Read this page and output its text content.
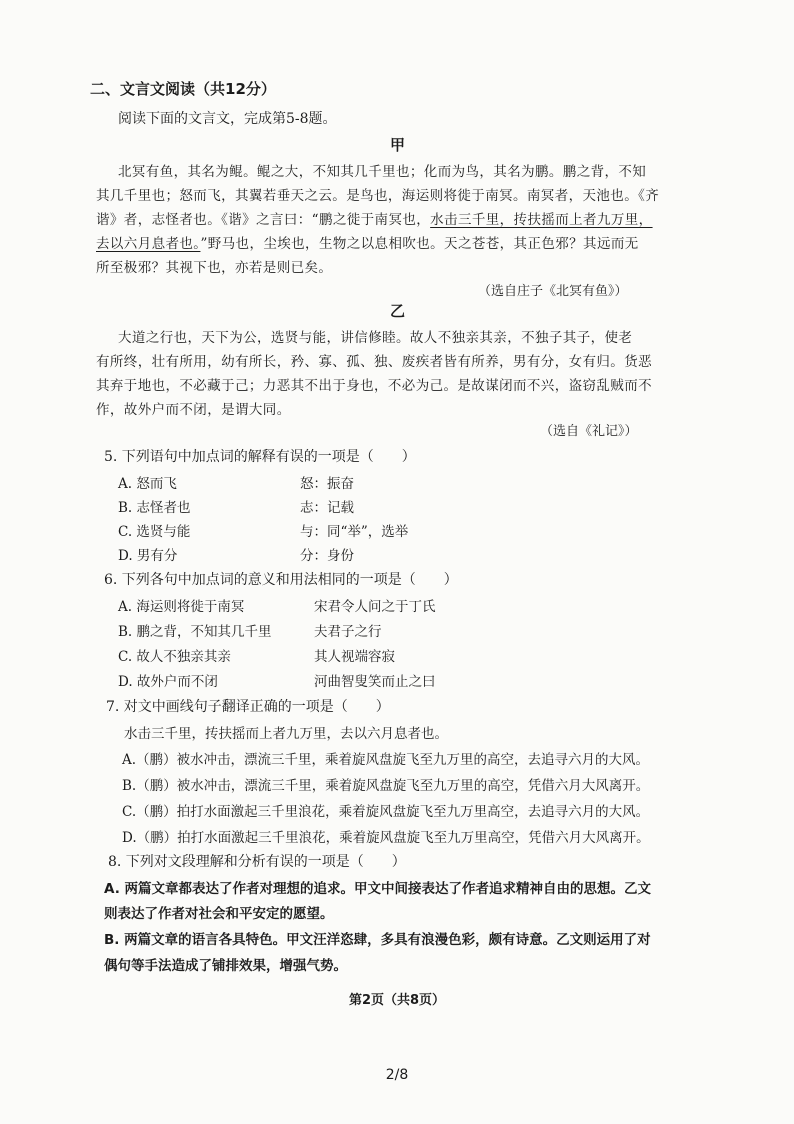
二、文言文阅读（共12分）
阅读下面的文言文，完成第5-8题。
甲
北冥有鱼，其名为鲲。鲲之大，不知其几千里也；化而为鸟，其名为鹏。鹏之背，不知
其几千里也；怒而飞，其翼若垂天之云。是鸟也，海运则将徙于南冥。南冥者，天池也。《齐
谐》者，志怪者也。《谐》之言曰：“鹏之徙于南冥也，水击三千里，抟扶摇而上者九万里，
去以六月息者也。”野马也，尘埃也，生物之以息相吹也。天之苍苍，其正色邪？其远而无
所至极邪？其视下也，亦若是则已矣。
（选自庄子《北冥有鱼》）
乙
大道之行也，天下为公，选贤与能，讲信修睦。故人不独亲其亲，不独子其子，使老
有所终，壮有所用，幼有所长，矜、寡、孤、独、废疾者皆有所养，男有分，女有归。货恶
其弃于地也，不必藏于己；力恶其不出于身也，不必为己。是故谋闭而不兴，盗窃乱贼而不
作，故外户而不闭，是谓大同。
（选自《礼记》）
5. 下列语句中加点词的解释有误的一项是（　　）
A. 怒而飞	怒：振奋
B. 志怪者也	志：记载
C. 选贤与能	与：同“举”，选举
D. 男有分	分：身份
6. 下列各句中加点词的意义和用法相同的一项是（　　）
A. 海运则将徙于南冥	宋君令人问之于丁氏
B. 鹏之背，不知其几千里	夫君子之行
C. 故人不独亲其亲	其人视端容寂
D. 故外户而不闭	河曲智叟笑而止之曰
7. 对文中画线句子翻译正确的一项是（　　）
水击三千里，抟扶摇而上者九万里，去以六月息者也。
A.（鹏）被水冲击，漂流三千里，乘着旋风盘旋飞至九万里的高空，去追寻六月的大风。
B.（鹏）被水冲击，漂流三千里，乘着旋风盘旋飞至九万里的高空，凭借六月大风离开。
C.（鹏）拍打水面激起三千里浪花，乘着旋风盘旋飞至九万里高空，去追寻六月的大风。
D.（鹏）拍打水面激起三千里浪花，乘着旋风盘旋飞至九万里高空，凭借六月大风离开。
8. 下列对文段理解和分析有误的一项是（　　）
A. 两篇文章都表达了作者对理想的追求。甲文中间接表达了作者追求精神自由的思想。乙文
则表达了作者对社会和平安定的愿望。
B. 两篇文章的语言各具特色。甲文汪洋恣肆，多具有浪漫色彩，颇有诗意。乙文则运用了对
偶句等手法造成了铺排效果，增强气势。
第2页（共8页）
2/8
